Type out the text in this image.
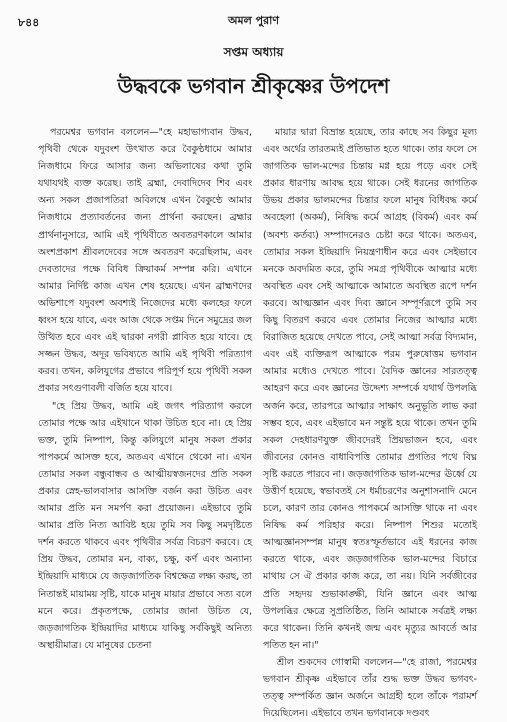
৮৪৪	অমল পুরাণ
সপ্তম অধ্যায়
উদ্ধবকে ভগবান শ্রীকৃষ্ণের উপদেশ

পরমেশ্বর ভগবান বললেন—"হে মহাভাগ্যবান উদ্ধব, পৃথিবী থেকে যদুবংশ উৎখাত করে বৈকুণ্ঠধামে আমার নিজধামে ফিরে আসার জন্য অভিলাষের কথা তুমি যথাযথই ব্যক্ত করেছ। তাই ব্রহ্মা, দেবাদিদেব শিব এবং অন্য সকল প্রজাপতিরা অবিলম্বে এখন বৈকুণ্ঠে আমার নিজধামে প্রত্যাবর্তনের জন্য প্রার্থনা করছেন। ব্রহ্মার প্রার্থনানুসারে, আমি এই পৃথিবীতে অবতরণকালে আমার অংশপ্রকাশ শ্রীবলদেবের সঙ্গে অবতরণ করেছিলাম, এবং দেবতাদের পক্ষে বিবিধ ক্রিয়াকর্ম সম্পন্ন করি। এখানে আমার নির্দিষ্ট কাজ এখন শেষ হয়েছে। এখন ব্রাহ্মণদের অভিশাপে যদুবংশ অবশ্যই নিজেদের মধ্যে কলহের ফলে ধ্বংস হয়ে যাবে, এবং আজ থেকে সপ্তম দিনে সমুদ্রের জল উত্থিত হবে এবং এই দ্বারকা নগরী প্লাবিত হয়ে যাবে। হে সজ্জন উদ্ধব, অদূর ভবিষ্যতে আমি এই পৃথিবী পরিত্যাগ করব। তখন, কলিযুগের প্রভাবে পরিপূর্ণ হয়ে পৃথিবী সকল প্রকার সৎগুণাবলী বর্জিত হয়ে যাবে।

"হে প্রিয় উদ্ধব, আমি এই জগৎ পরিত্যাগ করলে তোমার পক্ষে আর এইখানে থাকা উচিত হবে না। হে প্রিয় ভক্ত, তুমি নিষ্পাপ, কিন্তু কলিযুগে মানুষ সকল প্রকার পাপকর্মে আসক্ত হবে, অতএব এখানে থেকো না। এখন তোমার সকল বন্ধুবান্ধব ও আত্মীয়স্বজনদের প্রতি সকল প্রকার স্নেহ-ভালবাসার আসক্তি বর্জন করা উচিত এবং আমার প্রতি মন সমর্পণ করা প্রয়োজন। এইভাবে তুমি আমার প্রতি নিত্য আবিষ্ট হয়ে তুমি সব কিছু সমদৃষ্টিতে দর্শন করতে থাকবে এবং পৃথিবীর সর্বত্র বিচরণ করবে। হে প্রিয় উদ্ধব, তোমার মন, বাক্য, চক্ষু, কর্ণ এবং অন্যান্য ইন্দ্রিয়াদি মাধ্যমে যে জড়জাগতিক বিশ্বক্ষেত্র লক্ষ্য করছ, তা নিতান্তই মায়াময় সৃষ্টি, যাকে মানুষ মায়ার প্রভাবে সত্য বলে মনে করে। প্রকৃতপক্ষে, তোমার জানা উচিত যে, জড়জাগতিক ইন্দ্রিয়াদির মাধ্যমে যাকিছু সর্বকিছুই অনিত্য অস্থায়ীমাত্র। যে মানুষের চেতনা

মায়ার দ্বারা বিভ্রান্ত হয়েছে, তার কাছে সব কিছুর মূল্য এবং অর্থের তারতম্যই প্রতিভাত হতে থাকে। তার ফলে সে জাগতিক ভাল-মন্দের চিন্তায় মগ্ন হয়ে পড়ে এবং সেই প্রকার ধারণায় আবদ্ধ হয়ে থাকে। সেই ধরনের জাগতিক উভয় প্রকার ভালমন্দের চিন্তার ফলে মানুষ বিধিবদ্ধ কর্মে অবহেলা (অকর্ম), নিষিদ্ধ কর্মে আগ্রহ (বিকর্ম) এবং কর্ম (অবশ্য কর্তব্য) সম্পাদনেরও চেষ্টা করে থাকে। অতএব, তোমার সকল ইন্দ্রিয়াদি নিয়ন্ত্রণাধীন করে এবং সেইভাবে মনকে অবদমিত করে, তুমি সমগ্র পৃথিবীকে আত্মার মধ্যে অবস্থিত এবং সেই আত্মাকে আমাতে অবস্থিত রূপে দর্শন করবে। আত্মজ্ঞান এবং দিব্য জ্ঞানে সম্পূর্ণরূপে তুমি সব কিছু বিতরণ করবে এবং তোমার নিজের আত্মার মধ্যে বিরাজিত হয়েছে দেখতে পাবে, সেই আত্মা সর্বত্র বিদ্যমান, এবং এই ব্যক্তিরূপ আত্মাকে পরম পুরুষোত্তম ভগবান আমার মধ্যেও দেখতে পাবে। বৈদিক জ্ঞানের সারতত্ত্ব আহরণ করে এবং জ্ঞানের উদ্দেশ্য সম্পর্কে যথার্থ উপলব্ধি অর্জন করে, তারপরে আত্মার সাক্ষাৎ অনুভূতি লাভ করা সম্ভব হবে, এবং এইভাবে মন সন্তুষ্ট হয়ে থাকে। তখন তুমি সকল দেহধারণযুক্ত জীবদেরই প্রিয়ভাজন হবে, এবং জীবনের কোনও বাধাবিপত্তি তোমার প্রগতির পথে বিঘ্ন সৃষ্টি করতে পারবে না। জড়জাগতিক ভাল-মন্দের ঊর্ধ্বে যে উত্তীর্ণ হয়েছে, স্বভাবতই সে ধর্মাচরণের অনুশাসনাদি মেনে চলে, কারণ তার কোনও পাপকর্মে আসক্তি থাকে না এবং নিষিদ্ধ কর্ম পরিহার করে। নিষ্পাপ শিশুর মতোই আত্মজ্ঞানসম্পন্ন মানুষ স্বতঃস্ফূর্তভাবে এই ধরনের কাজ করতে থাকে, এবং জড়জাগতিক ভাল-মন্দের বিচারে মাথায় সে ঐ প্রকার কাজ করে, তা নয়। যিনি সর্বজীবের প্রতি সহৃদয় শুভাকাঙ্ক্ষী, যিনি জ্ঞানে এবং আত্ম উপলব্ধির ক্ষেত্রে সুপ্রতিষ্ঠিত, তিনি আমাকে সর্বত্রই লক্ষ্য করে থাকেন। তিনি কখনই জন্ম এবং মৃত্যুর আবর্তে আর পতিত হন না।"

শ্রীল শুকদেব গোস্বামী বললেন—"হে রাজা, পরমেশ্বর ভগবান শ্রীকৃষ্ণ এইভাবে তাঁর শুদ্ধ ভক্ত উদ্ধব ভগবৎ-তত্ত্ব সম্পর্কিত জ্ঞান অর্জনে আগ্রহী হলে তাঁকে পরামর্শ দিয়েছিলেন। এইভাবে তখন ভগবানকে দণ্ডবৎ
